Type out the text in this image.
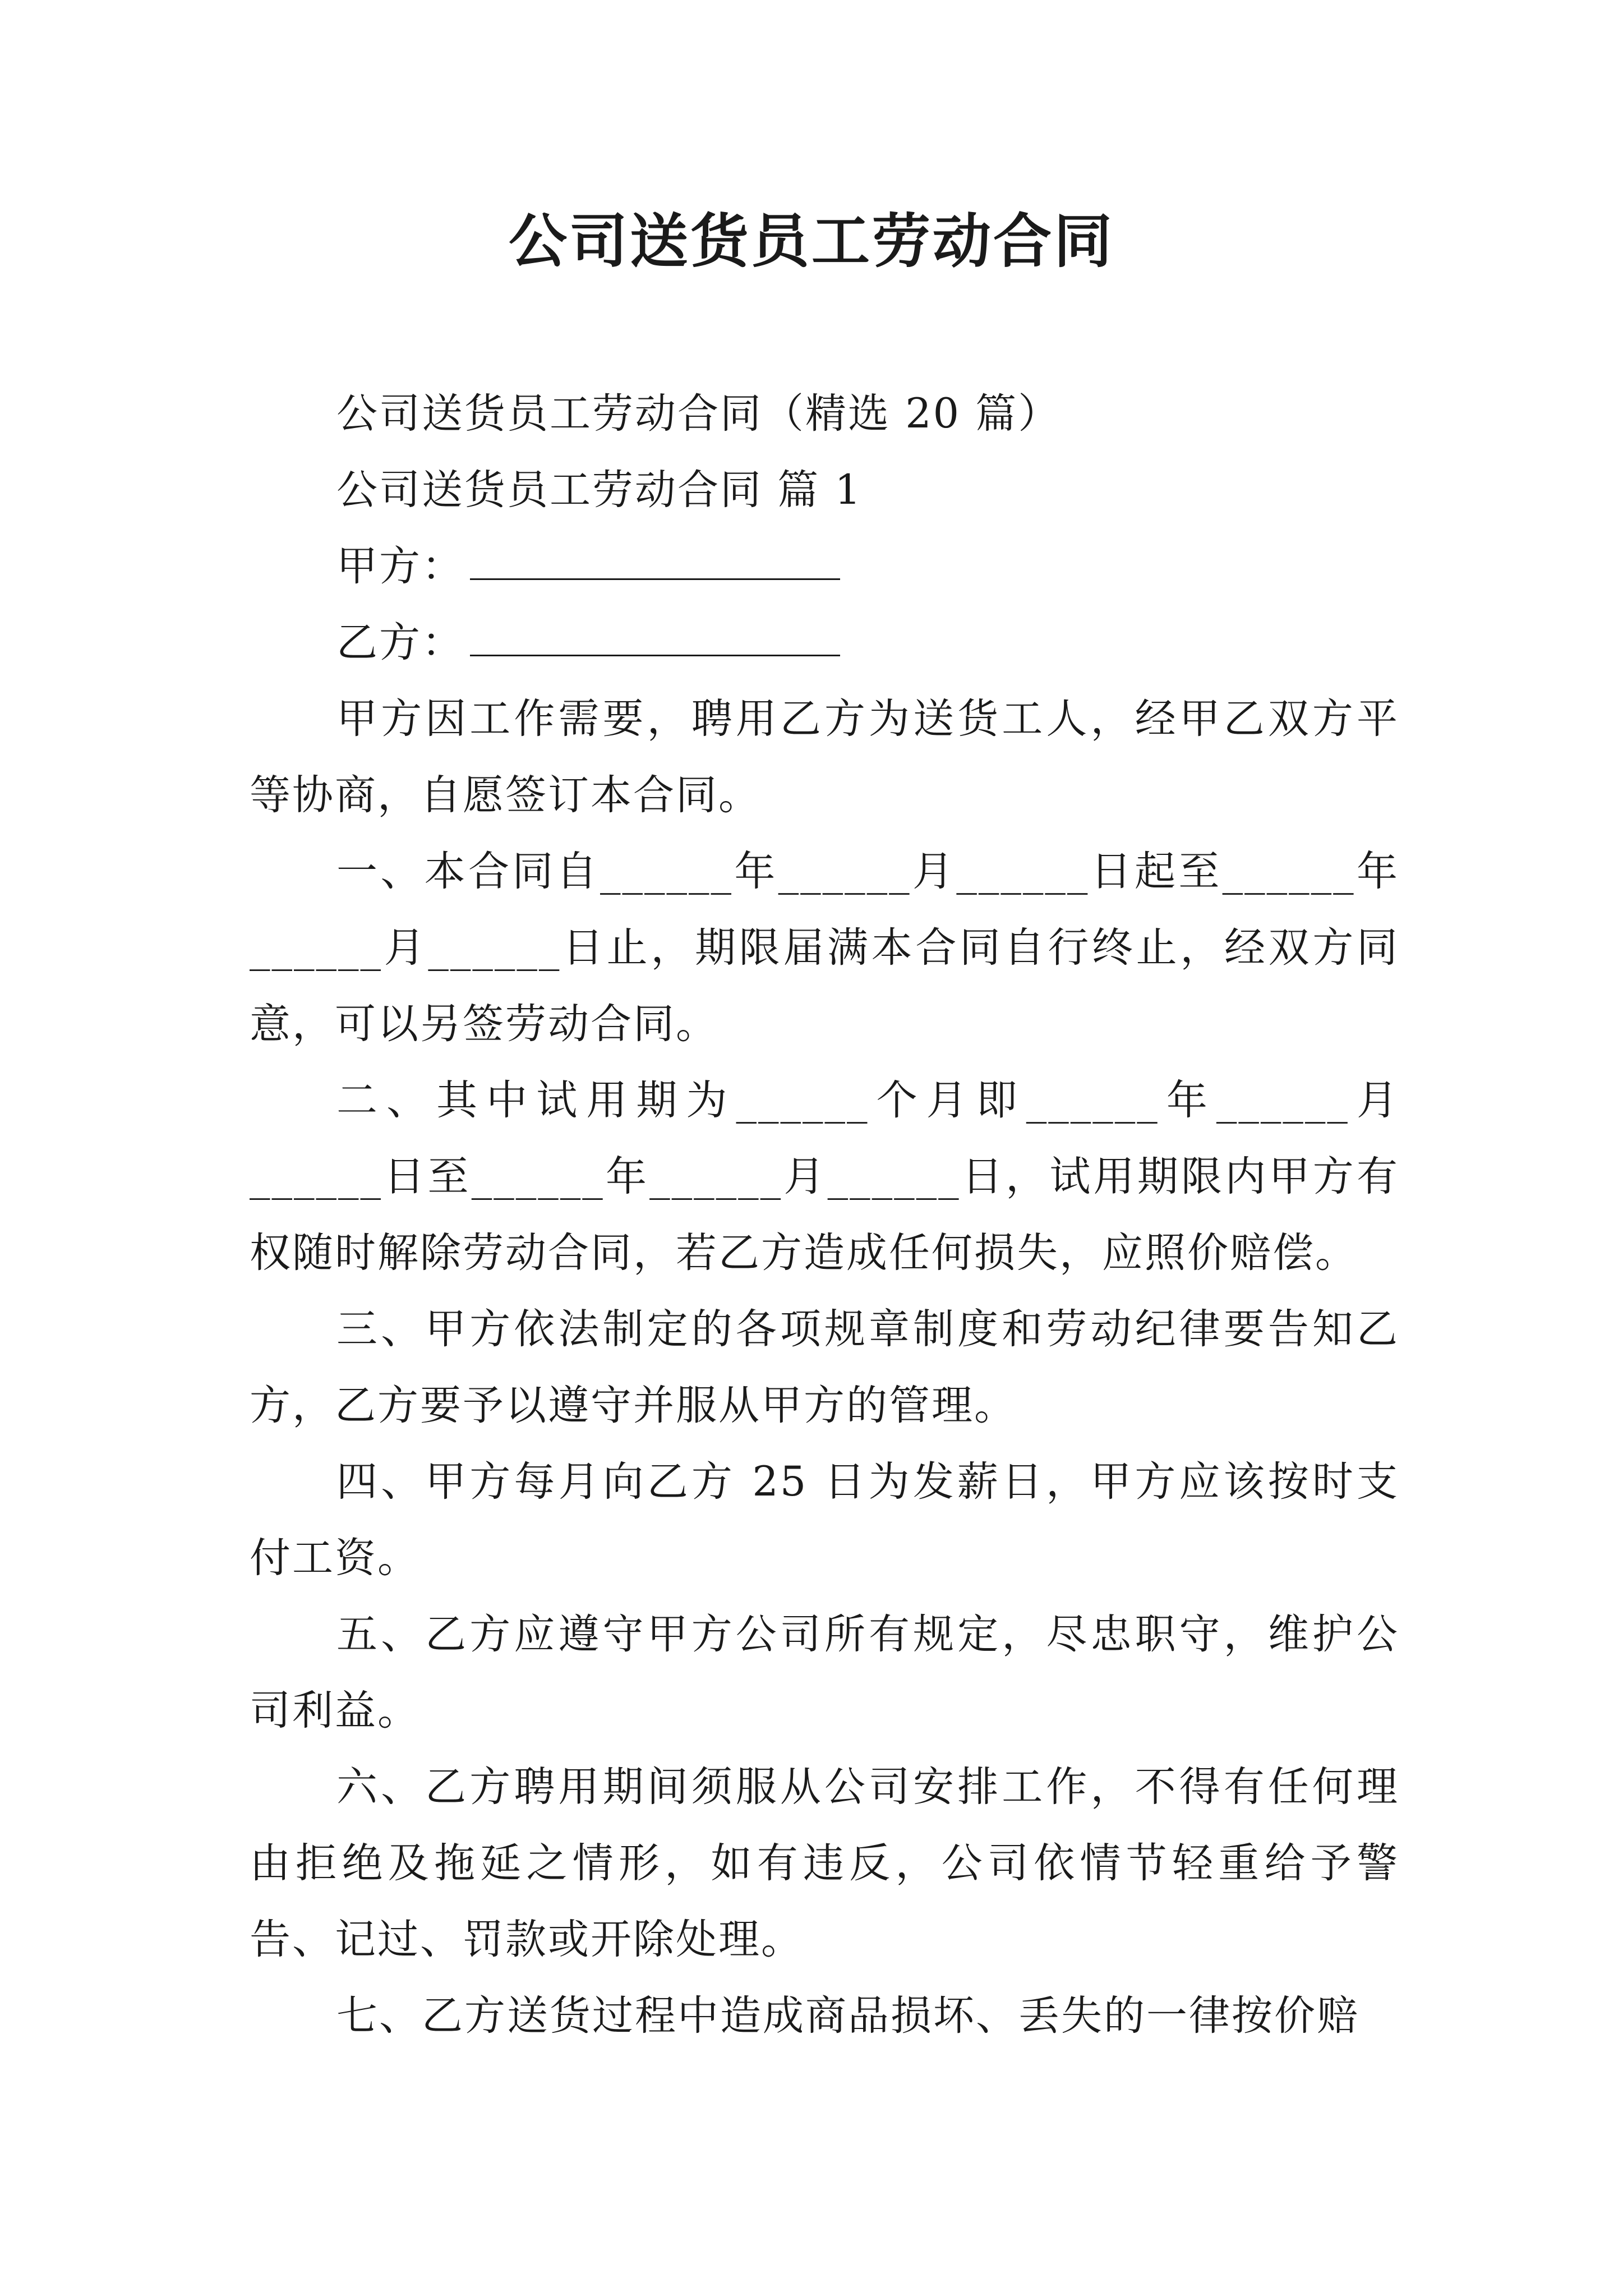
公司送货员工劳动合同

公司送货员工劳动合同（精选 20 篇）

公司送货员工劳动合同 篇 1

甲方：

乙方：

甲方因工作需要，聘用乙方为送货工人，经甲乙双方平等协商，自愿签订本合同。

一、本合同自______年______月______日起至______年______月______日止，期限届满本合同自行终止，经双方同意，可以另签劳动合同。

二、其中试用期为______个月即______年______月______日至______年______月______日，试用期限内甲方有权随时解除劳动合同，若乙方造成任何损失，应照价赔偿。

三、甲方依法制定的各项规章制度和劳动纪律要告知乙方，乙方要予以遵守并服从甲方的管理。

四、甲方每月向乙方 25 日为发薪日，甲方应该按时支付工资。

五、乙方应遵守甲方公司所有规定，尽忠职守，维护公司利益。

六、乙方聘用期间须服从公司安排工作，不得有任何理由拒绝及拖延之情形，如有违反，公司依情节轻重给予警告、记过、罚款或开除处理。

七、乙方送货过程中造成商品损坏、丢失的一律按价赔
